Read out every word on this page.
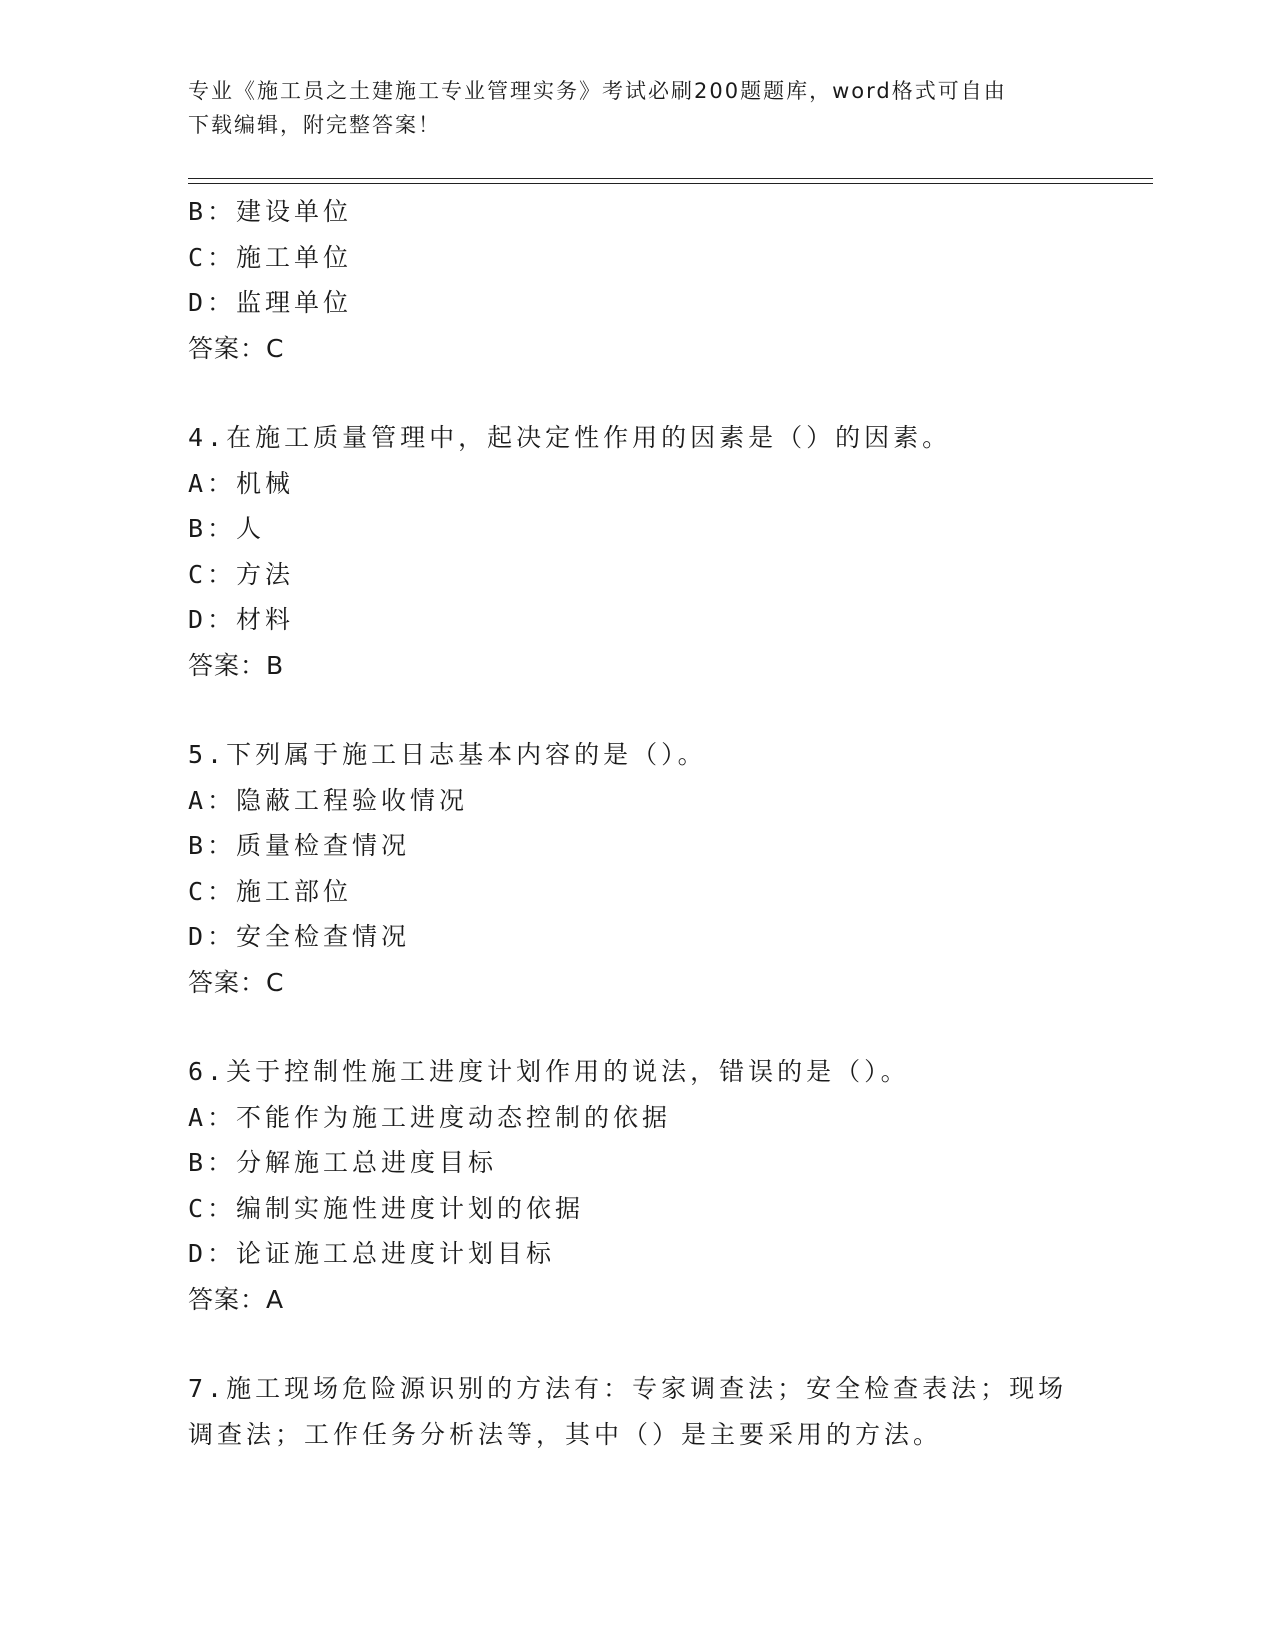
专业《施工员之土建施工专业管理实务》考试必刷200题题库，word格式可自由
下载编辑，附完整答案！
B：建设单位
C：施工单位
D：监理单位
答案：C
4.在施工质量管理中，起决定性作用的因素是（）的因素。
A：机械
B：人
C：方法
D：材料
答案：B
5.下列属于施工日志基本内容的是（）。
A：隐蔽工程验收情况
B：质量检查情况
C：施工部位
D：安全检查情况
答案：C
6.关于控制性施工进度计划作用的说法，错误的是（）。
A：不能作为施工进度动态控制的依据
B：分解施工总进度目标
C：编制实施性进度计划的依据
D：论证施工总进度计划目标
答案：A
7.施工现场危险源识别的方法有：专家调查法；安全检查表法；现场
调查法；工作任务分析法等，其中（）是主要采用的方法。
